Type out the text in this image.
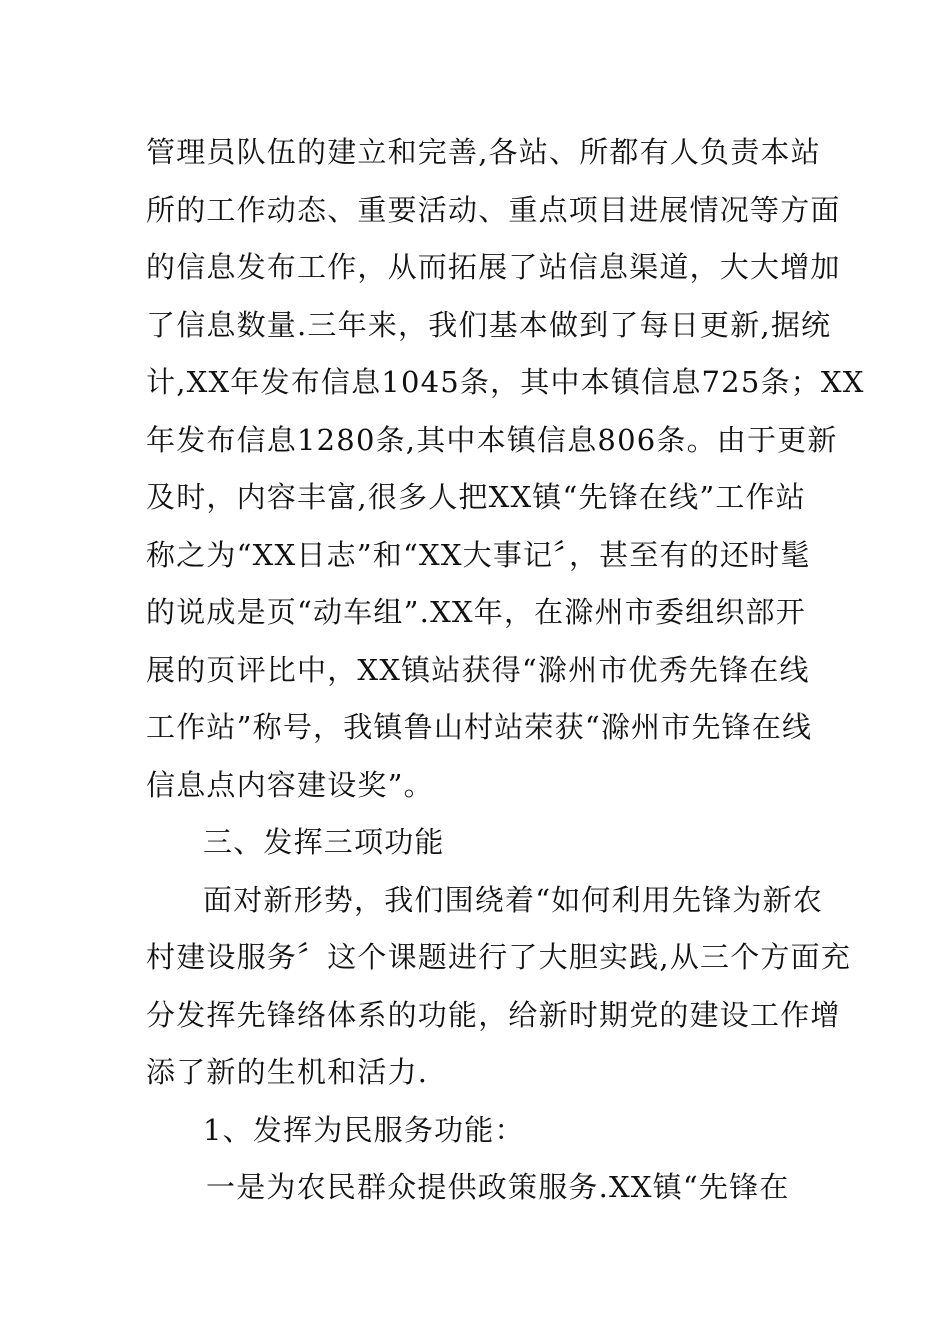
管理员队伍的建立和完善,各站、所都有人负责本站
所的工作动态、重要活动、重点项目进展情况等方面
的信息发布工作，从而拓展了站信息渠道，大大增加
了信息数量.三年来，我们基本做到了每日更新,据统
计,XX年发布信息1045条，其中本镇信息725条；XX
年发布信息1280条,其中本镇信息806条。由于更新
及时，内容丰富,很多人把XX镇“先锋在线”工作站
称之为“XX日志”和“XX大事记〞，甚至有的还时髦
的说成是页“动车组”.XX年，在滁州市委组织部开
展的页评比中，XX镇站获得“滁州市优秀先锋在线
工作站”称号，我镇鲁山村站荣获“滁州市先锋在线
信息点内容建设奖”。
三、发挥三项功能
面对新形势，我们围绕着“如何利用先锋为新农
村建设服务〞这个课题进行了大胆实践,从三个方面充
分发挥先锋络体系的功能，给新时期党的建设工作增
添了新的生机和活力.
1、发挥为民服务功能：
一是为农民群众提供政策服务.XX镇“先锋在
